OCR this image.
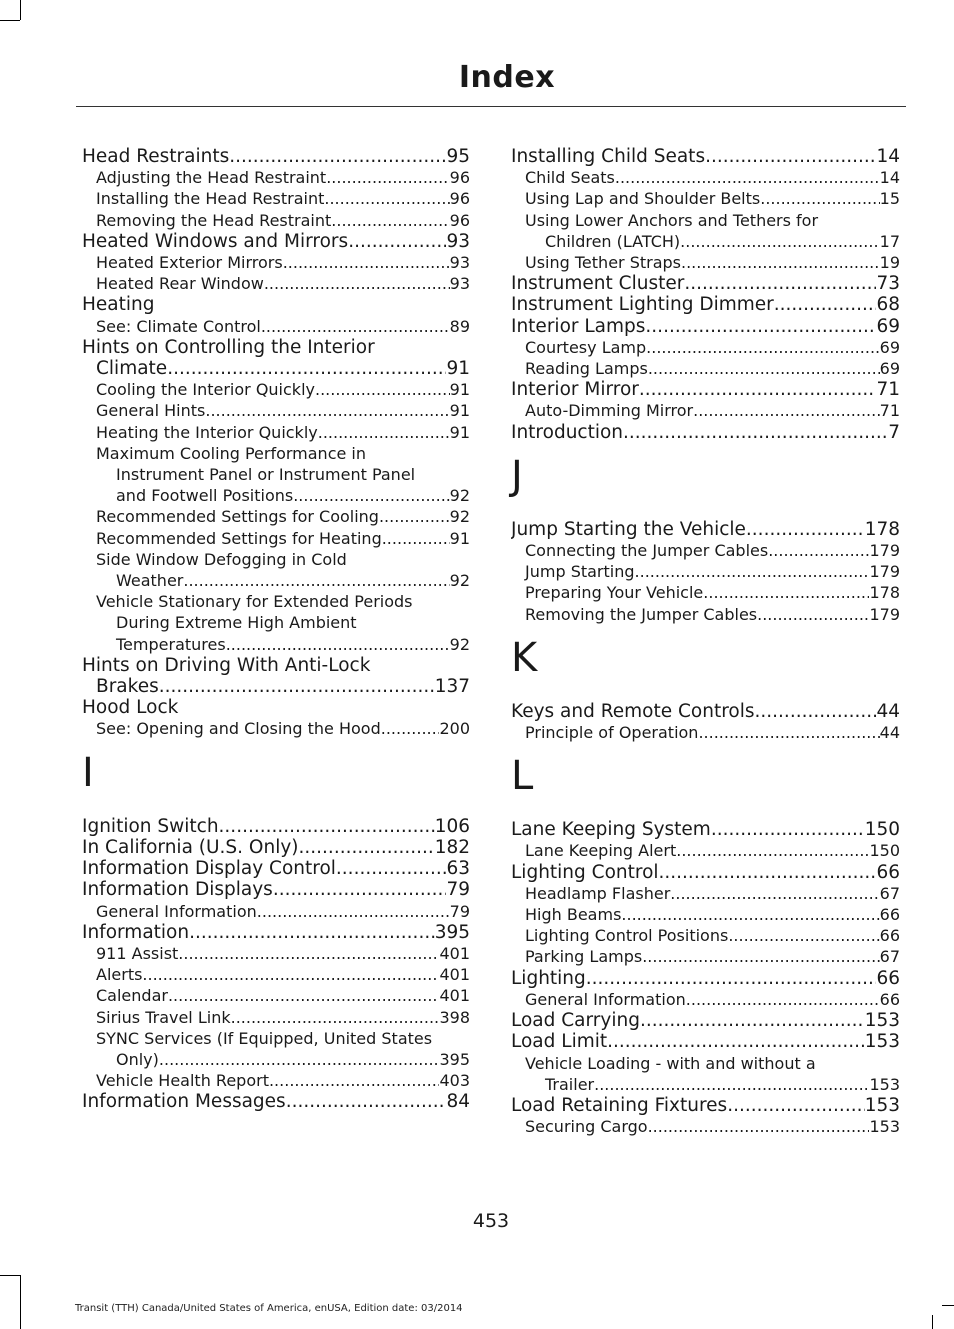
Index
Head Restraints .....	95
Adjusting the Head Restraint .....	96
Installing the Head Restraint .....	96
Removing the Head Restraint .....	96
Heated Windows and Mirrors .....	93
Heated Exterior Mirrors .....	93
Heated Rear Window .....	93
Heating
See: Climate Control .....	89
Hints on Controlling the Interior
Climate .....	91
Cooling the Interior Quickly .....	91
General Hints .....	91
Heating the Interior Quickly .....	91
Maximum Cooling Performance in
Instrument Panel or Instrument Panel
and Footwell Positions .....	92
Recommended Settings for Cooling .....	92
Recommended Settings for Heating .....	91
Side Window Defogging in Cold
Weather .....	92
Vehicle Stationary for Extended Periods
During Extreme High Ambient
Temperatures .....	92
Hints on Driving With Anti-Lock
Brakes .....	137
Hood Lock
See: Opening and Closing the Hood .....	200
I
Ignition Switch .....	106
In California (U.S. Only) .....	182
Information Display Control .....	63
Information Displays .....	79
General Information .....	79
Information .....	395
911 Assist .....	401
Alerts .....	401
Calendar .....	401
Sirius Travel Link .....	398
SYNC Services (If Equipped, United States
Only) .....	395
Vehicle Health Report .....	403
Information Messages .....	84
Installing Child Seats .....	14
Child Seats .....	14
Using Lap and Shoulder Belts .....	15
Using Lower Anchors and Tethers for
Children (LATCH) .....	17
Using Tether Straps .....	19
Instrument Cluster .....	73
Instrument Lighting Dimmer .....	68
Interior Lamps .....	69
Courtesy Lamp .....	69
Reading Lamps .....	69
Interior Mirror .....	71
Auto-Dimming Mirror .....	71
Introduction .....	7
J
Jump Starting the Vehicle .....	178
Connecting the Jumper Cables .....	179
Jump Starting .....	179
Preparing Your Vehicle .....	178
Removing the Jumper Cables .....	179
K
Keys and Remote Controls .....	44
Principle of Operation .....	44
L
Lane Keeping System .....	150
Lane Keeping Alert .....	150
Lighting Control .....	66
Headlamp Flasher .....	67
High Beams .....	66
Lighting Control Positions .....	66
Parking Lamps .....	67
Lighting .....	66
General Information .....	66
Load Carrying .....	153
Load Limit .....	153
Vehicle Loading - with and without a
Trailer .....	153
Load Retaining Fixtures .....	153
Securing Cargo .....	153
453
Transit (TTH) Canada/United States of America, enUSA, Edition date: 03/2014
